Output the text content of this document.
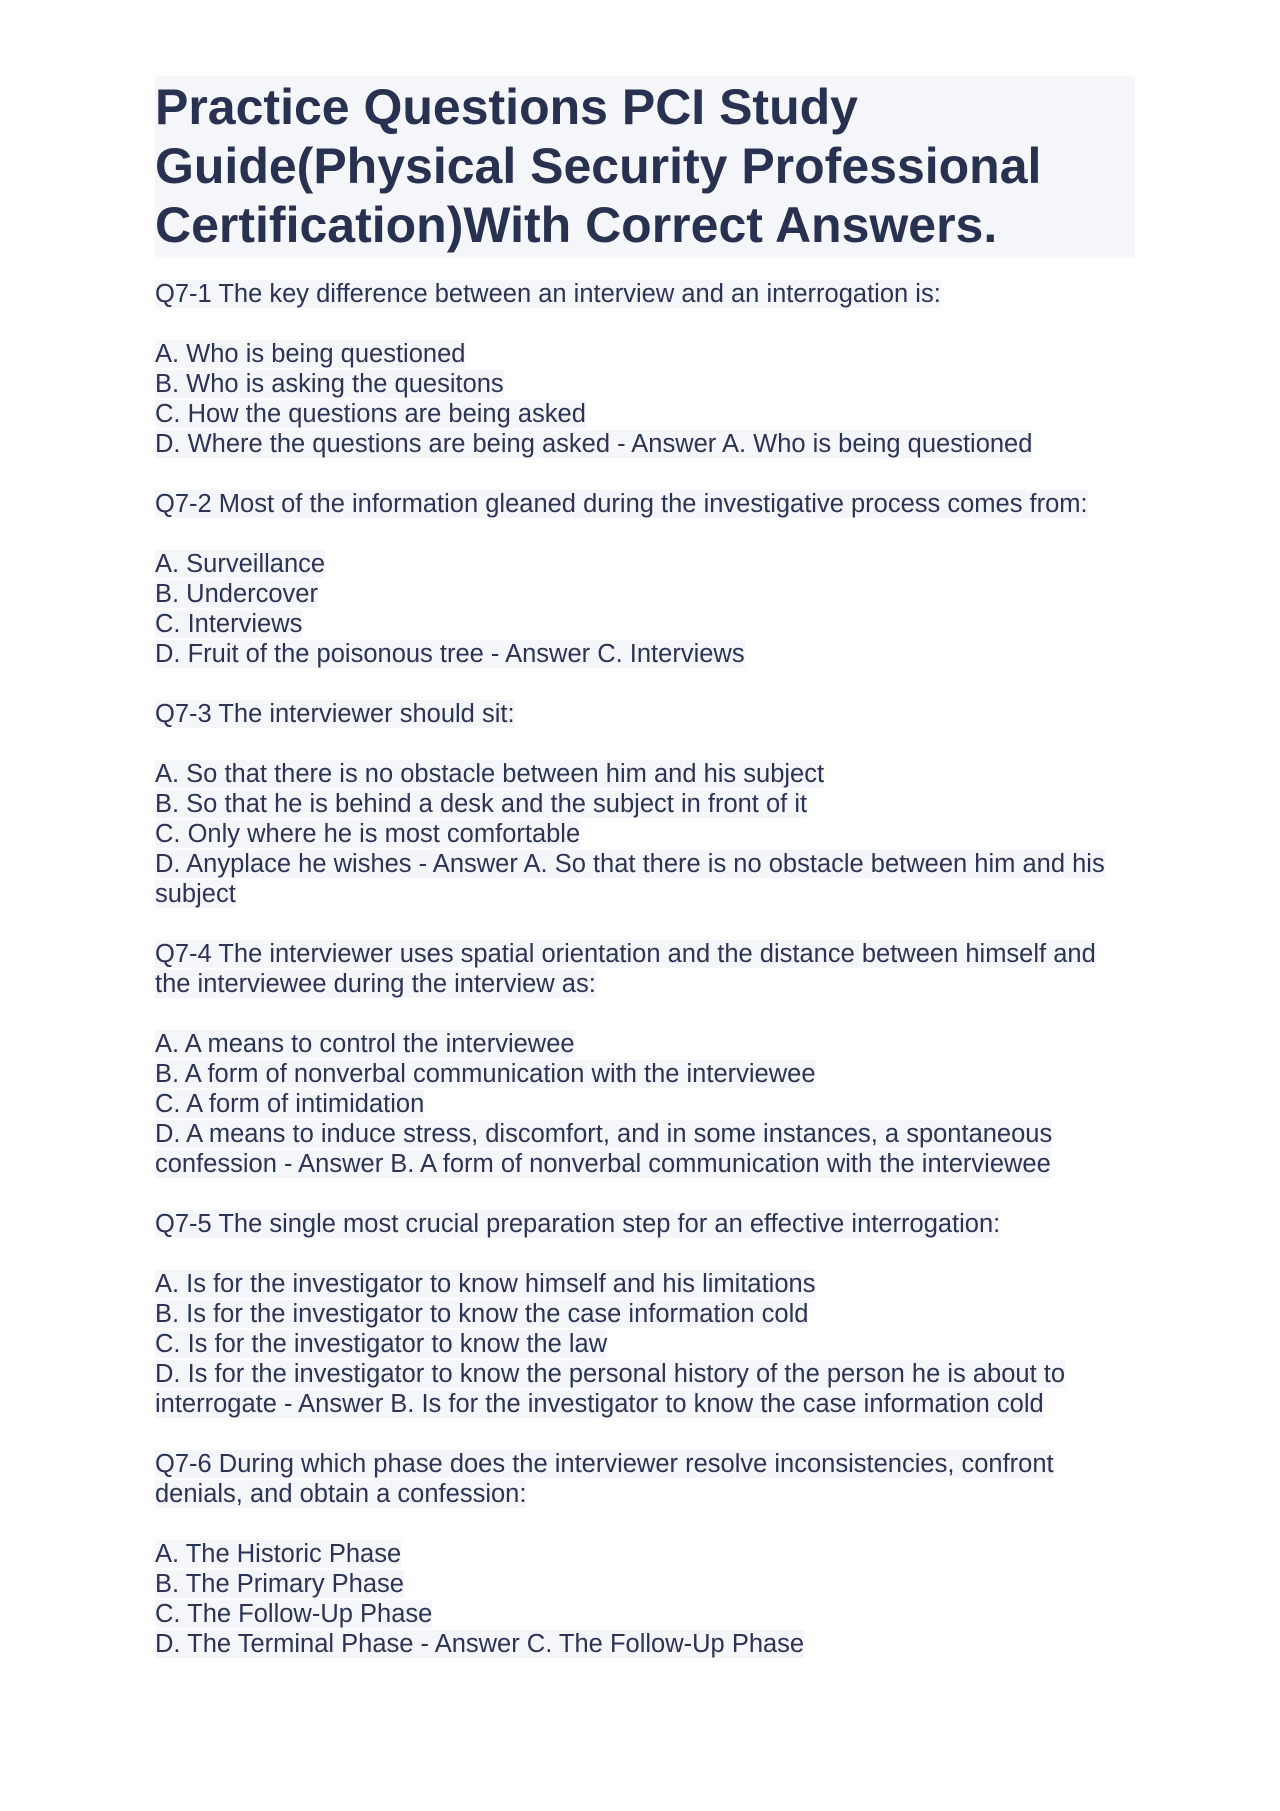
Practice Questions PCI Study
Guide(Physical Security Professional
Certification)With Correct Answers.
Q7-1 The key difference between an interview and an interrogation is:
A. Who is being questioned
B. Who is asking the quesitons
C. How the questions are being asked
D. Where the questions are being asked - Answer A. Who is being questioned
Q7-2 Most of the information gleaned during the investigative process comes from:
A. Surveillance
B. Undercover
C. Interviews
D. Fruit of the poisonous tree - Answer C. Interviews
Q7-3 The interviewer should sit:
A. So that there is no obstacle between him and his subject
B. So that he is behind a desk and the subject in front of it
C. Only where he is most comfortable
D. Anyplace he wishes - Answer A. So that there is no obstacle between him and his subject
Q7-4 The interviewer uses spatial orientation and the distance between himself and the interviewee during the interview as:
A. A means to control the interviewee
B. A form of nonverbal communication with the interviewee
C. A form of intimidation
D. A means to induce stress, discomfort, and in some instances, a spontaneous confession - Answer B. A form of nonverbal communication with the interviewee
Q7-5 The single most crucial preparation step for an effective interrogation:
A. Is for the investigator to know himself and his limitations
B. Is for the investigator to know the case information cold
C. Is for the investigator to know the law
D. Is for the investigator to know the personal history of the person he is about to interrogate - Answer B. Is for the investigator to know the case information cold
Q7-6 During which phase does the interviewer resolve inconsistencies, confront denials, and obtain a confession:
A. The Historic Phase
B. The Primary Phase
C. The Follow-Up Phase
D. The Terminal Phase - Answer C. The Follow-Up Phase
